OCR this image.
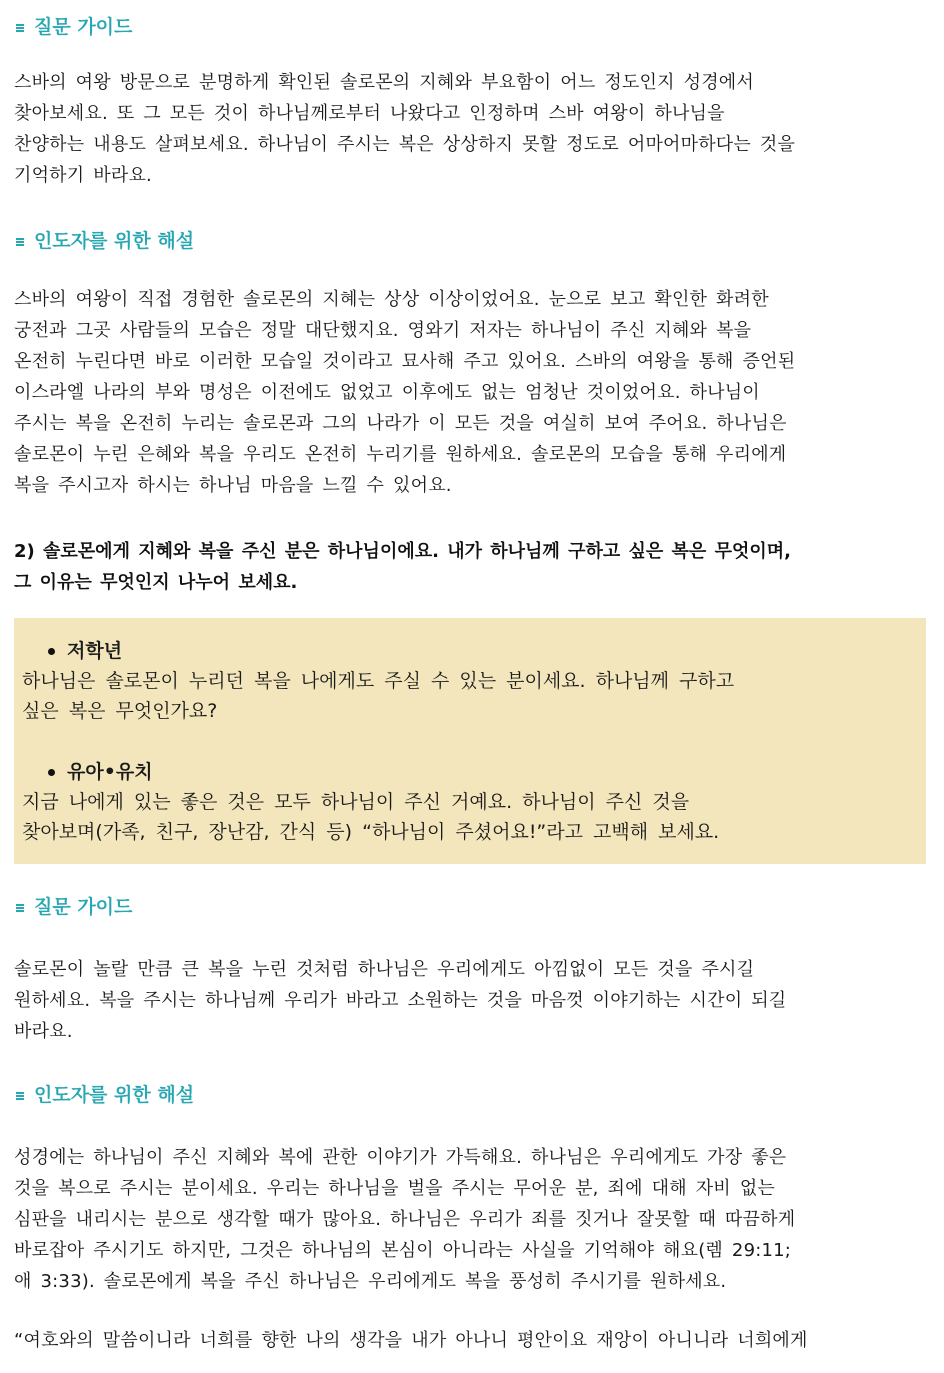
질문 가이드

스바의 여왕 방문으로 분명하게 확인된 솔로몬의 지혜와 부요함이 어느 정도인지 성경에서
찾아보세요. 또 그 모든 것이 하나님께로부터 나왔다고 인정하며 스바 여왕이 하나님을
찬양하는 내용도 살펴보세요. 하나님이 주시는 복은 상상하지 못할 정도로 어마어마하다는 것을
기억하기 바라요.

인도자를 위한 해설

스바의 여왕이 직접 경험한 솔로몬의 지혜는 상상 이상이었어요. 눈으로 보고 확인한 화려한
궁전과 그곳 사람들의 모습은 정말 대단했지요. 영와기 저자는 하나님이 주신 지혜와 복을
온전히 누린다면 바로 이러한 모습일 것이라고 묘사해 주고 있어요. 스바의 여왕을 통해 증언된
이스라엘 나라의 부와 명성은 이전에도 없었고 이후에도 없는 엄청난 것이었어요. 하나님이
주시는 복을 온전히 누리는 솔로몬과 그의 나라가 이 모든 것을 여실히 보여 주어요. 하나님은
솔로몬이 누린 은혜와 복을 우리도 온전히 누리기를 원하세요. 솔로몬의 모습을 통해 우리에게
복을 주시고자 하시는 하나님 마음을 느낄 수 있어요.

2) 솔로몬에게 지혜와 복을 주신 분은 하나님이에요. 내가 하나님께 구하고 싶은 복은 무엇이며,
그 이유는 무엇인지 나누어 보세요.

저학년

하나님은 솔로몬이 누리던 복을 나에게도 주실 수 있는 분이세요. 하나님께 구하고
싶은 복은 무엇인가요?

유아•유치

지금 나에게 있는 좋은 것은 모두 하나님이 주신 거예요. 하나님이 주신 것을
찾아보며(가족, 친구, 장난감, 간식 등) “하나님이 주셨어요!”라고 고백해 보세요.

질문 가이드

솔로몬이 놀랄 만큼 큰 복을 누린 것처럼 하나님은 우리에게도 아낌없이 모든 것을 주시길
원하세요. 복을 주시는 하나님께 우리가 바라고 소원하는 것을 마음껏 이야기하는 시간이 되길
바라요.

인도자를 위한 해설

성경에는 하나님이 주신 지혜와 복에 관한 이야기가 가득해요. 하나님은 우리에게도 가장 좋은
것을 복으로 주시는 분이세요. 우리는 하나님을 벌을 주시는 무어운 분, 죄에 대해 자비 없는
심판을 내리시는 분으로 생각할 때가 많아요. 하나님은 우리가 죄를 짓거나 잘못할 때 따끔하게
바로잡아 주시기도 하지만, 그것은 하나님의 본심이 아니라는 사실을 기억해야 해요(렘 29:11;
애 3:33). 솔로몬에게 복을 주신 하나님은 우리에게도 복을 풍성히 주시기를 원하세요.

“여호와의 말씀이니라 너희를 향한 나의 생각을 내가 아나니 평안이요 재앙이 아니니라 너희에게
